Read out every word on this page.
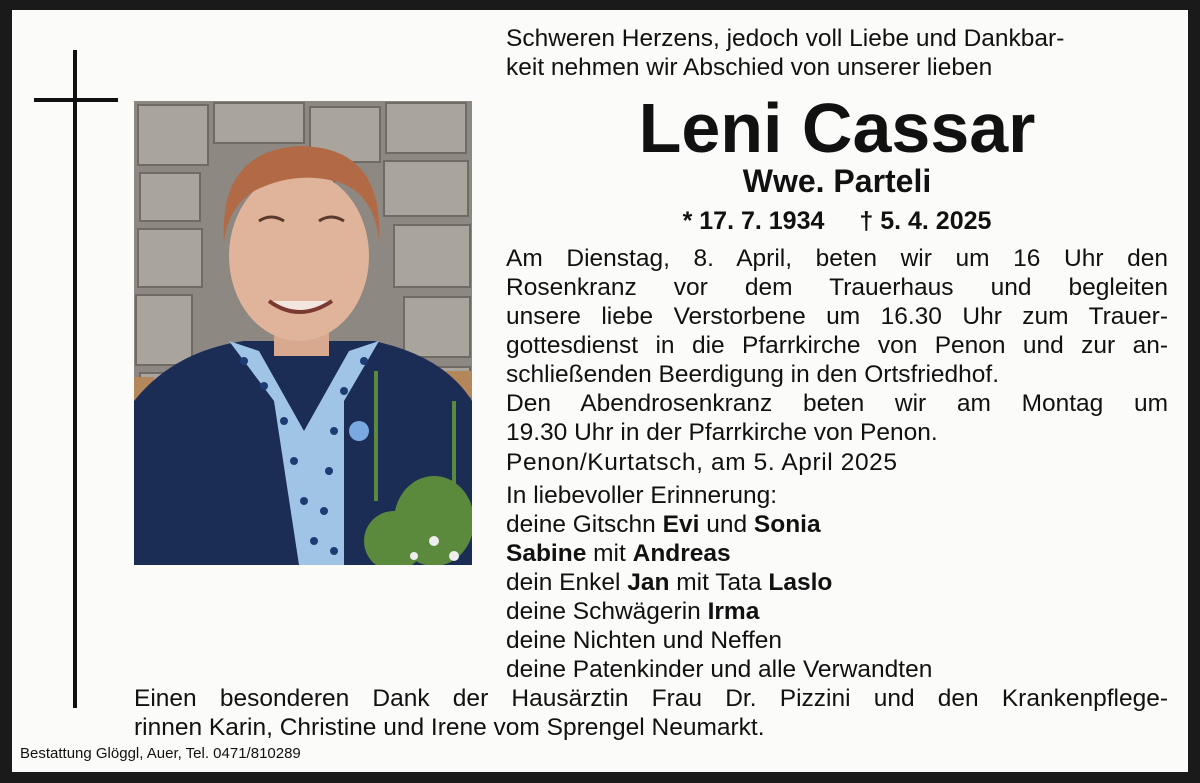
Schweren Herzens, jedoch voll Liebe und Dankbar-
keit nehmen wir Abschied von unserer lieben
Leni Cassar
Wwe. Parteli
* 17. 7. 1934 † 5. 4. 2025
Am Dienstag, 8. April, beten wir um 16 Uhr den
Rosenkranz vor dem Trauerhaus und begleiten
unsere liebe Verstorbene um 16.30 Uhr zum Trauer-
gottesdienst in die Pfarrkirche von Penon und zur an-
schließenden Beerdigung in den Ortsfriedhof.
Den Abendrosenkranz beten wir am Montag um
19.30 Uhr in der Pfarrkirche von Penon.
Penon/Kurtatsch, am 5. April 2025
In liebevoller Erinnerung:
deine Gitschn Evi und Sonia
Sabine mit Andreas
dein Enkel Jan mit Tata Laslo
deine Schwägerin Irma
deine Nichten und Neffen
deine Patenkinder und alle Verwandten
Einen besonderen Dank der Hausärztin Frau Dr. Pizzini und den Krankenpflege-
rinnen Karin, Christine und Irene vom Sprengel Neumarkt.
Bestattung Glöggl, Auer, Tel. 0471/810289
